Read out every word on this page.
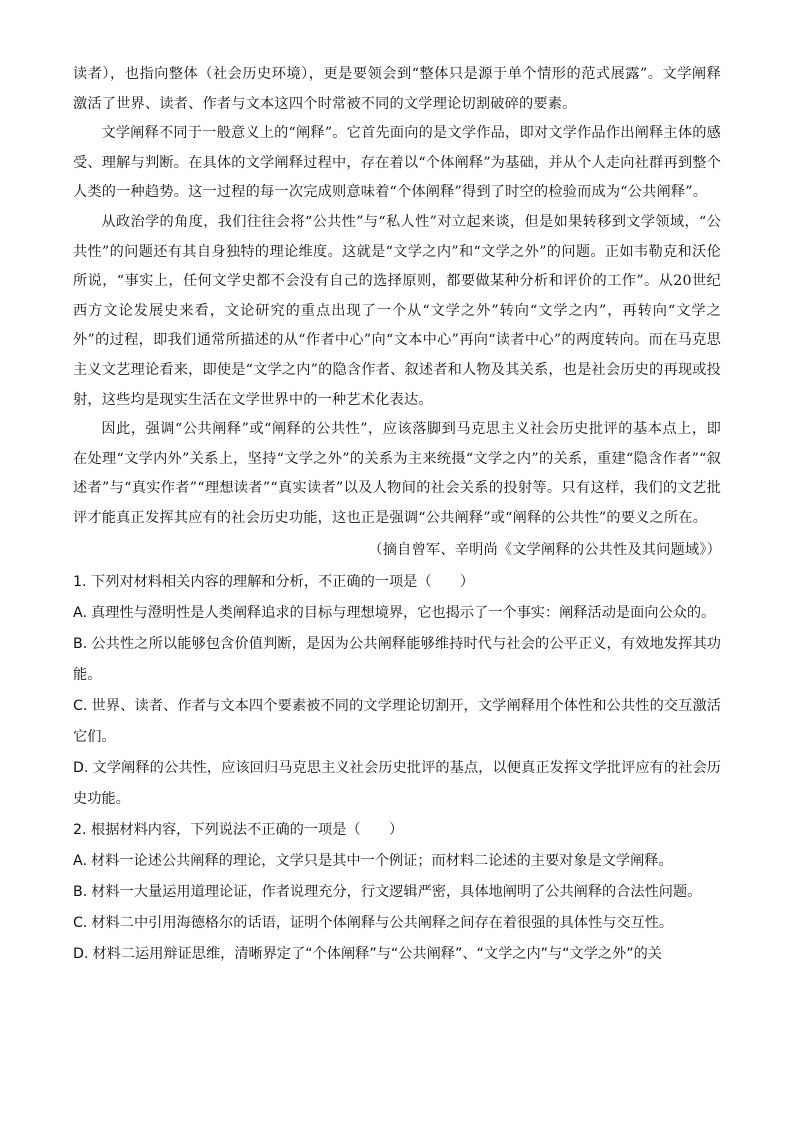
读者），也指向整体（社会历史环境），更是要领会到“整体只是源于单个情形的范式展露”。文学阐释激活了世界、读者、作者与文本这四个时常被不同的文学理论切割破碎的要素。

文学阐释不同于一般意义上的“阐释”。它首先面向的是文学作品，即对文学作品作出阐释主体的感受、理解与判断。在具体的文学阐释过程中，存在着以“个体阐释”为基础，并从个人走向社群再到整个人类的一种趋势。这一过程的每一次完成则意味着“个体阐释”得到了时空的检验而成为“公共阐释”。

从政治学的角度，我们往往会将“公共性”与“私人性”对立起来谈，但是如果转移到文学领域，“公共性”的问题还有其自身独特的理论维度。这就是“文学之内”和“文学之外”的问题。正如韦勒克和沃伦所说，“事实上，任何文学史都不会没有自己的选择原则，都要做某种分析和评价的工作”。从20世纪西方文论发展史来看，文论研究的重点出现了一个从“文学之外”转向“文学之内”，再转向“文学之外”的过程，即我们通常所描述的从“作者中心”向“文本中心”再向“读者中心”的两度转向。而在马克思主义文艺理论看来，即使是“文学之内”的隐含作者、叙述者和人物及其关系，也是社会历史的再现或投射，这些均是现实生活在文学世界中的一种艺术化表达。

因此，强调“公共阐释”或“阐释的公共性”，应该落脚到马克思主义社会历史批评的基本点上，即在处理“文学内外”关系上，坚持“文学之外”的关系为主来统摄“文学之内”的关系，重建“隐含作者”“叙述者”与“真实作者”“理想读者”“真实读者”以及人物间的社会关系的投射等。只有这样，我们的文艺批评才能真正发挥其应有的社会历史功能，这也正是强调“公共阐释”或“阐释的公共性”的要义之所在。

（摘自曾军、辛明尚《文学阐释的公共性及其问题域》）

1. 下列对材料相关内容的理解和分析，不正确的一项是（　　）

A. 真理性与澄明性是人类阐释追求的目标与理想境界，它也揭示了一个事实：阐释活动是面向公众的。

B. 公共性之所以能够包含价值判断，是因为公共阐释能够维持时代与社会的公平正义，有效地发挥其功能。

C. 世界、读者、作者与文本四个要素被不同的文学理论切割开，文学阐释用个体性和公共性的交互激活它们。

D. 文学阐释的公共性，应该回归马克思主义社会历史批评的基点，以便真正发挥文学批评应有的社会历史功能。

2. 根据材料内容，下列说法不正确的一项是（　　）

A. 材料一论述公共阐释的理论，文学只是其中一个例证；而材料二论述的主要对象是文学阐释。

B. 材料一大量运用道理论证，作者说理充分，行文逻辑严密，具体地阐明了公共阐释的合法性问题。

C. 材料二中引用海德格尔的话语，证明个体阐释与公共阐释之间存在着很强的具体性与交互性。

D. 材料二运用辩证思维，清晰界定了“个体阐释”与“公共阐释”、“文学之内”与“文学之外”的关
